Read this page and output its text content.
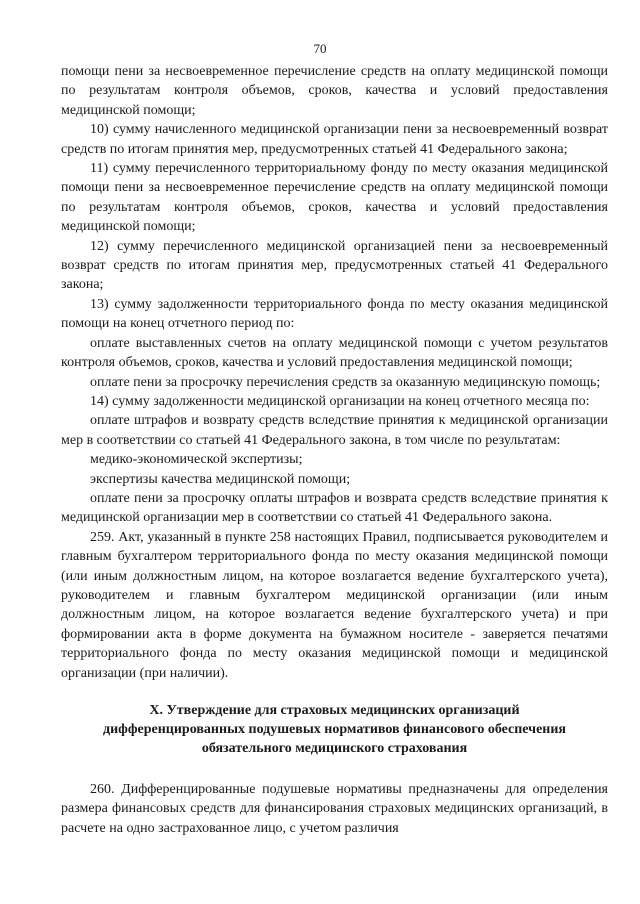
70

помощи пени за несвоевременное перечисление средств на оплату медицинской помощи по результатам контроля объемов, сроков, качества и условий предоставления медицинской помощи;

10) сумму начисленного медицинской организации пени за несвоевременный возврат средств по итогам принятия мер, предусмотренных статьей 41 Федерального закона;

11) сумму перечисленного территориальному фонду по месту оказания медицинской помощи пени за несвоевременное перечисление средств на оплату медицинской помощи по результатам контроля объемов, сроков, качества и условий предоставления медицинской помощи;

12) сумму перечисленного медицинской организацией пени за несвоевременный возврат средств по итогам принятия мер, предусмотренных статьей 41 Федерального закона;

13) сумму задолженности территориального фонда по месту оказания медицинской помощи на конец отчетного период по:

оплате выставленных счетов на оплату медицинской помощи с учетом результатов контроля объемов, сроков, качества и условий предоставления медицинской помощи;

оплате пени за просрочку перечисления средств за оказанную медицинскую помощь;

14) сумму задолженности медицинской организации на конец отчетного месяца по:

оплате штрафов и возврату средств вследствие принятия к медицинской организации мер в соответствии со статьей 41 Федерального закона, в том числе по результатам:

медико-экономической экспертизы;

экспертизы качества медицинской помощи;

оплате пени за просрочку оплаты штрафов и возврата средств вследствие принятия к медицинской организации мер в соответствии со статьей 41 Федерального закона.

259. Акт, указанный в пункте 258 настоящих Правил, подписывается руководителем и главным бухгалтером территориального фонда по месту оказания медицинской помощи (или иным должностным лицом, на которое возлагается ведение бухгалтерского учета), руководителем и главным бухгалтером медицинской организации (или иным должностным лицом, на которое возлагается ведение бухгалтерского учета) и при формировании акта в форме документа на бумажном носителе - заверяется печатями территориального фонда по месту оказания медицинской помощи и медицинской организации (при наличии).

X. Утверждение для страховых медицинских организаций
дифференцированных подушевых нормативов финансового обеспечения
обязательного медицинского страхования

260. Дифференцированные подушевые нормативы предназначены для определения размера финансовых средств для финансирования страховых медицинских организаций, в расчете на одно застрахованное лицо, с учетом различия
